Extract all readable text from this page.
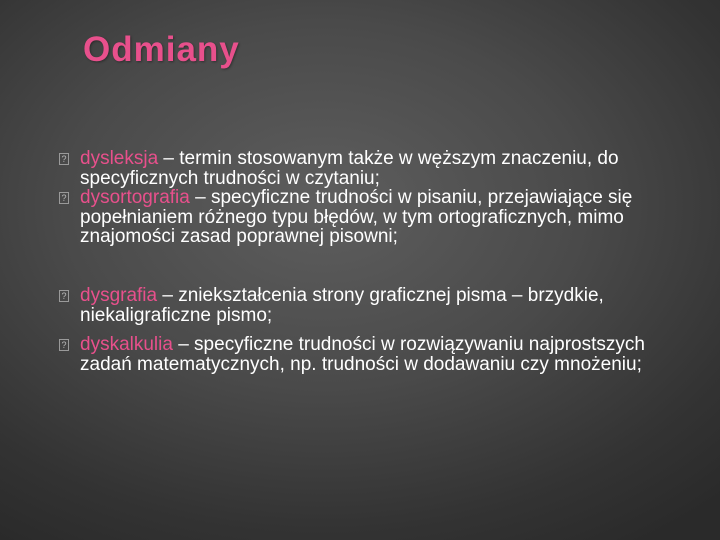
Odmiany
? dysleksja – termin stosowanym także w węższym znaczeniu, do specyficznych trudności w czytaniu;
? dysortografia – specyficzne trudności w pisaniu, przejawiające się popełnianiem różnego typu błędów, w tym ortograficznych, mimo znajomości zasad poprawnej pisowni;
? dysgrafia – zniekształcenia strony graficznej pisma – brzydkie, niekaligraficzne pismo;
? dyskalkulia – specyficzne trudności w rozwiązywaniu najprostszych zadań matematycznych, np. trudności w dodawaniu czy mnożeniu;
